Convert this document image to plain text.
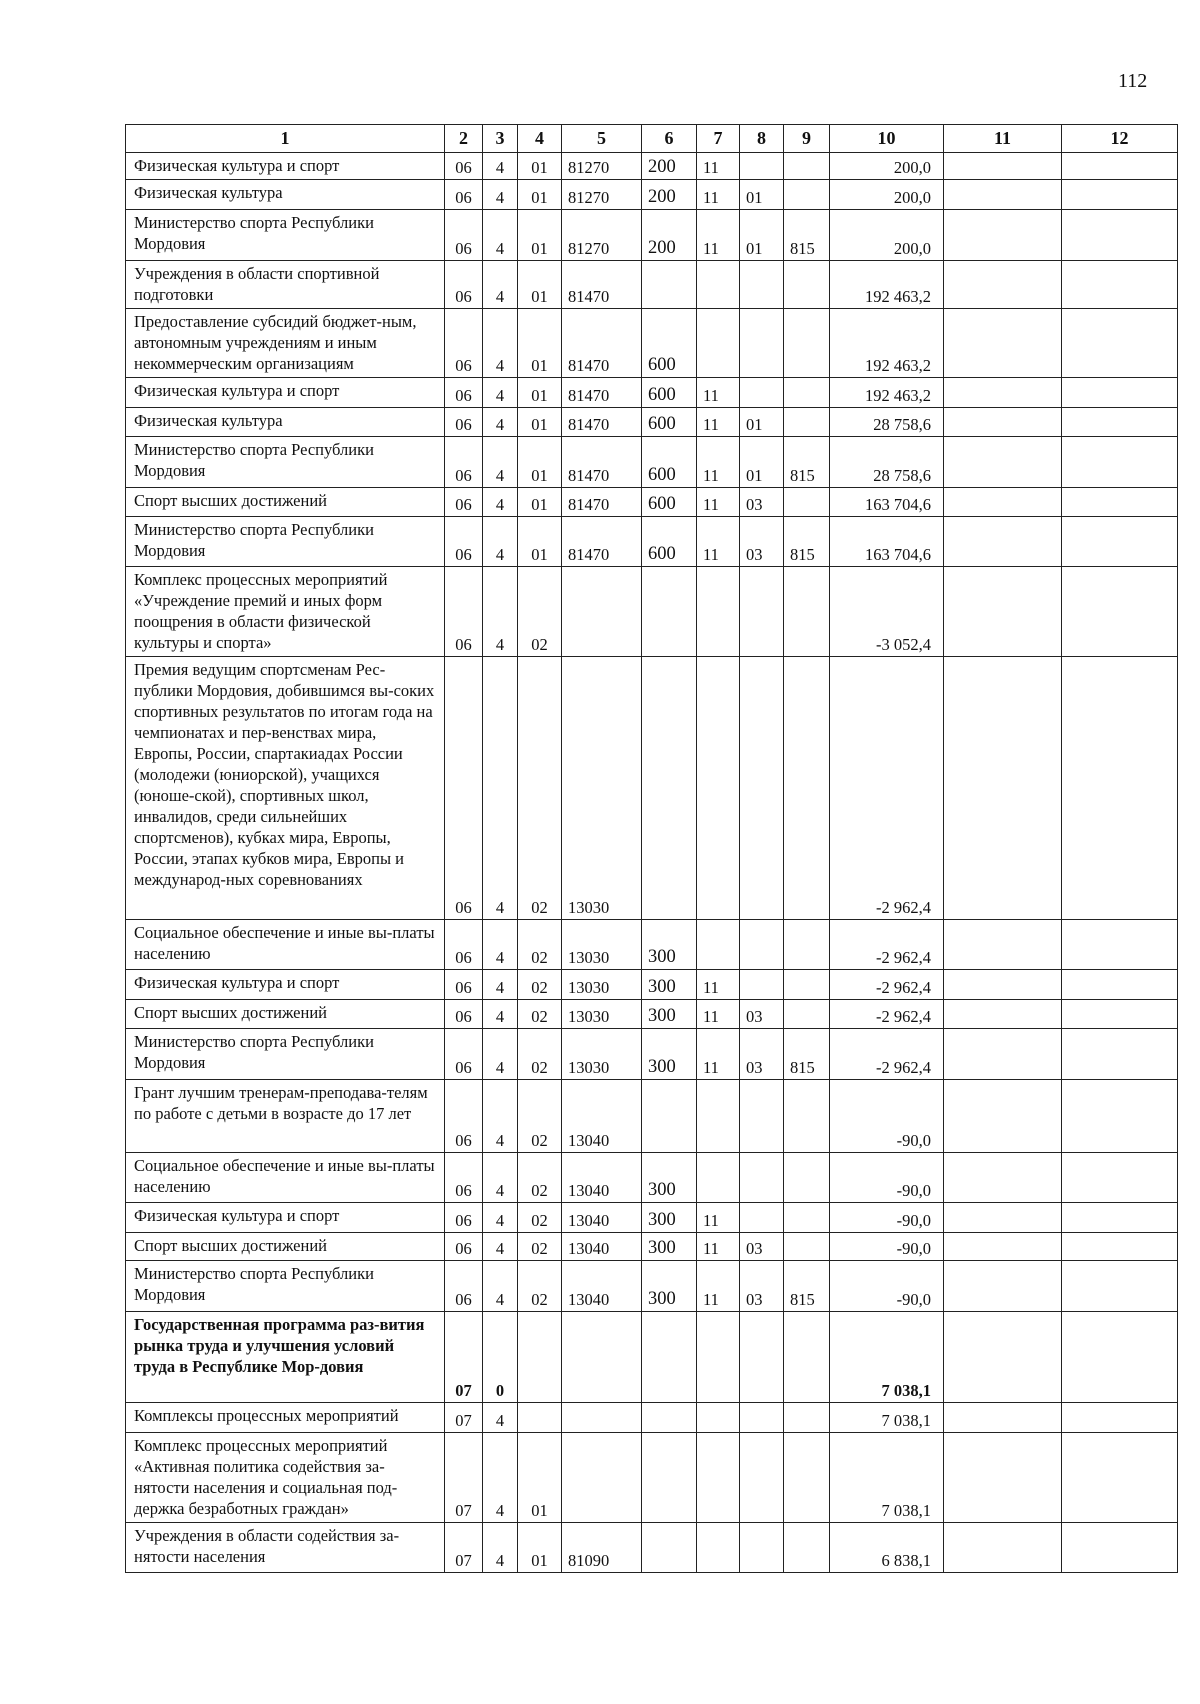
112
1	2	3	4	5	6	7	8	9	10	11	12
Физическая культура и спорт	06	4	01	81270	200	11			200,0		
Физическая культура	06	4	01	81270	200	11	01		200,0		
Министерство спорта Республики Мордовия	06	4	01	81270	200	11	01	815	200,0		
Учреждения в области спортивной подготовки	06	4	01	81470					192 463,2		
Предоставление субсидий бюджет-ным, автономным учреждениям и иным некоммерческим организациям	06	4	01	81470	600				192 463,2		
Физическая культура и спорт	06	4	01	81470	600	11			192 463,2		
Физическая культура	06	4	01	81470	600	11	01		28 758,6		
Министерство спорта Республики Мордовия	06	4	01	81470	600	11	01	815	28 758,6		
Спорт высших достижений	06	4	01	81470	600	11	03		163 704,6		
Министерство спорта Республики Мордовия	06	4	01	81470	600	11	03	815	163 704,6		
Комплекс процессных мероприятий «Учреждение премий и иных форм поощрения в области физической культуры и спорта»	06	4	02						-3 052,4		
Премия ведущим спортсменам Рес-публики Мордовия, добившимся вы-соких спортивных результатов по итогам года на чемпионатах и пер-венствах мира, Европы, России, спартакиадах России (молодежи (юниорской), учащихся (юноше-ской), спортивных школ, инвалидов, среди сильнейших спортсменов), кубках мира, Европы, России, этапах кубков мира, Европы и международ-ных соревнованиях	06	4	02	13030					-2 962,4		
Социальное обеспечение и иные вы-платы населению	06	4	02	13030	300				-2 962,4		
Физическая культура и спорт	06	4	02	13030	300	11			-2 962,4		
Спорт высших достижений	06	4	02	13030	300	11	03		-2 962,4		
Министерство спорта Республики Мордовия	06	4	02	13030	300	11	03	815	-2 962,4		
Грант лучшим тренерам-преподава-телям по работе с детьми в возрасте до 17 лет	06	4	02	13040					-90,0		
Социальное обеспечение и иные вы-платы населению	06	4	02	13040	300				-90,0		
Физическая культура и спорт	06	4	02	13040	300	11			-90,0		
Спорт высших достижений	06	4	02	13040	300	11	03		-90,0		
Министерство спорта Республики Мордовия	06	4	02	13040	300	11	03	815	-90,0		
Государственная программа раз-вития рынка труда и улучшения условий труда в Республике Мор-довия	07	0							7 038,1		
Комплексы процессных мероприятий	07	4							7 038,1		
Комплекс процессных мероприятий «Активная политика содействия за-нятости населения и социальная под-держка безработных граждан»	07	4	01						7 038,1		
Учреждения в области содействия за-нятости населения	07	4	01	81090					6 838,1		
